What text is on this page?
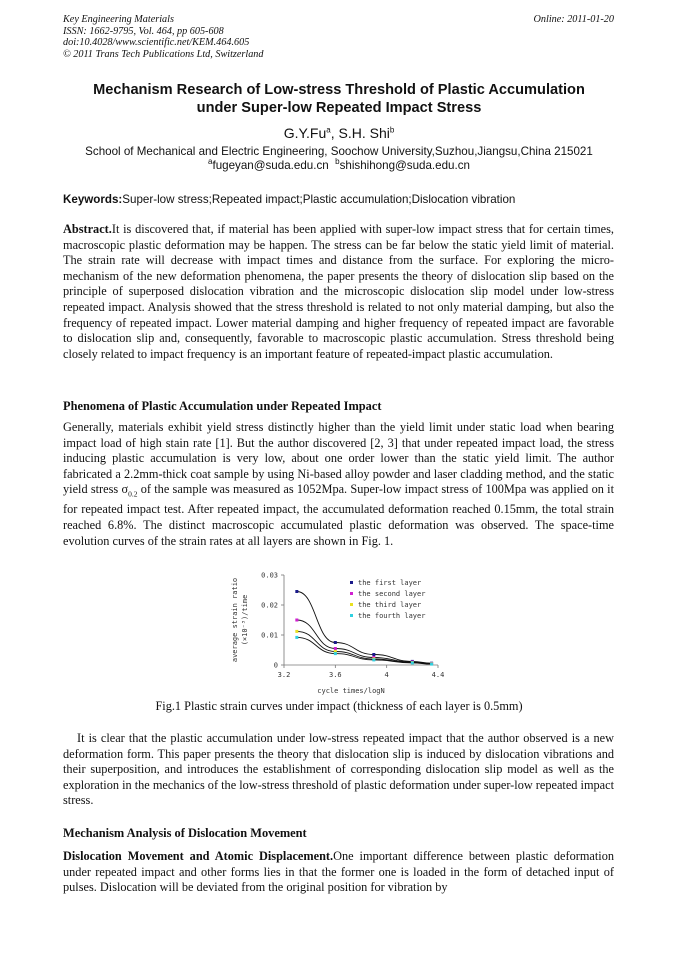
Key Engineering Materials
ISSN: 1662-9795, Vol. 464, pp 605-608
doi:10.4028/www.scientific.net/KEM.464.605
© 2011 Trans Tech Publications Ltd, Switzerland
Online: 2011-01-20
Mechanism Research of Low-stress Threshold of Plastic Accumulation
under Super-low Repeated Impact Stress
G.Y.Fu$^a$, S.H. Shi$^b$
School of Mechanical and Electric Engineering, Soochow University,Suzhou,Jiangsu,China 215021
$^a$fugeyan@suda.edu.cn $^b$shishihong@suda.edu.cn
Keywords:Super-low stress;Repeated impact;Plastic accumulation;Dislocation vibration
Abstract.It is discovered that, if material has been applied with super-low impact stress that for certain times, macroscopic plastic deformation may be happen. The stress can be far below the static yield limit of material. The strain rate will decrease with impact times and distance from the surface. For exploring the micro-mechanism of the new deformation phenomena, the paper presents the theory of dislocation slip based on the principle of superposed dislocation vibration and the microscopic dislocation slip model under low-stress repeated impact. Analysis showed that the stress threshold is related to not only material damping, but also the frequency of repeated impact. Lower material damping and higher frequency of repeated impact are favorable to dislocation slip and, consequently, favorable to macroscopic plastic accumulation. Stress threshold being closely related to impact frequency is an important feature of repeated-impact plastic accumulation.
Phenomena of Plastic Accumulation under Repeated Impact
Generally, materials exhibit yield stress distinctly higher than the yield limit under static load when bearing impact load of high stain rate [1]. But the author discovered [2, 3] that under repeated impact load, the stress inducing plastic accumulation is very low, about one order lower than the static yield limit. The author fabricated a 2.2mm-thick coat sample by using Ni-based alloy powder and laser cladding method, and the static yield stress $\sigma_{0.2}$ of the sample was measured as 1052Mpa. Super-low impact stress of 100Mpa was applied on it for repeated impact test. After repeated impact, the accumulated deformation reached 0.15mm, the total strain reached 6.8%. The distinct macroscopic accumulated plastic deformation was observed. The space-time evolution curves of the strain rates at all layers are shown in Fig. 1.
0
0.01
0.02
0.03
3.2	3.6	4	4.4
the first layer
the second layer
the third layer
the fourth layer
cycle times/logN
average strain ratio (×10⁻³)/time
Fig.1 Plastic strain curves under impact (thickness of each layer is 0.5mm)
It is clear that the plastic accumulation under low-stress repeated impact that the author observed is a new deformation form. This paper presents the theory that dislocation slip is induced by dislocation vibrations and their superposition, and introduces the establishment of corresponding dislocation slip model as well as the exploration in the mechanics of the low-stress threshold of plastic deformation under super-low repeated impact stress.
Mechanism Analysis of Dislocation Movement
Dislocation Movement and Atomic Displacement.One important difference between plastic deformation under repeated impact and other forms lies in that the former one is loaded in the form of detached input of pulses. Dislocation will be deviated from the original position for vibration by
